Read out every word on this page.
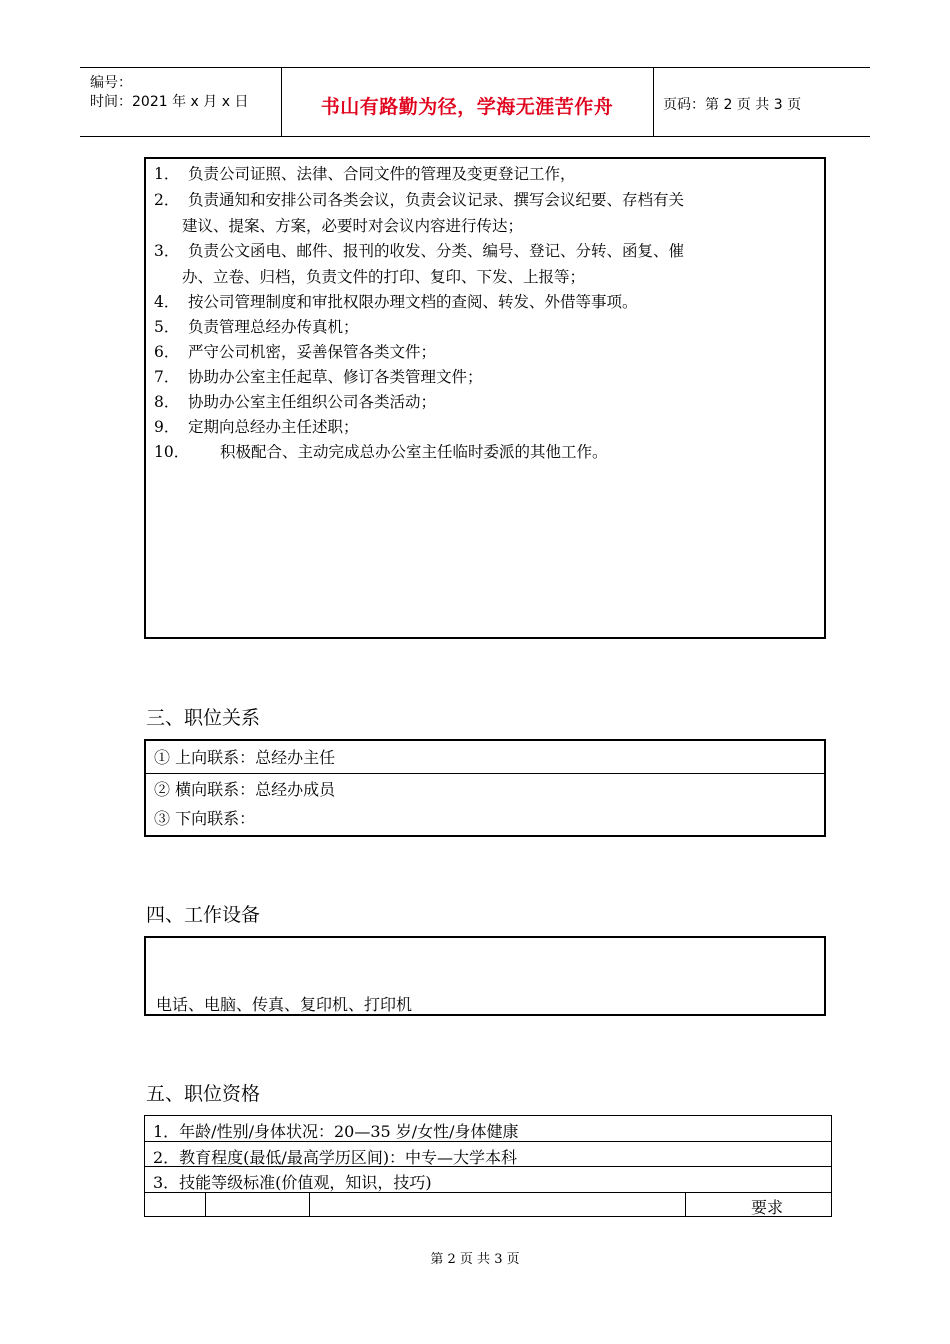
编号：
时间：2021 年 x 月 x 日	书山有路勤为径，学海无涯苦作舟	页码：第 2 页 共 3 页
1． 负责公司证照、法律、合同文件的管理及变更登记工作，
2． 负责通知和安排公司各类会议，负责会议记录、撰写会议纪要、存档有关
建议、提案、方案，必要时对会议内容进行传达；
3． 负责公文函电、邮件、报刊的收发、分类、编号、登记、分转、函复、催
办、立卷、归档，负责文件的打印、复印、下发、上报等；
4． 按公司管理制度和审批权限办理文档的查阅、转发、外借等事项。
5． 负责管理总经办传真机；
6． 严守公司机密，妥善保管各类文件；
7． 协助办公室主任起草、修订各类管理文件；
8． 协助办公室主任组织公司各类活动；
9． 定期向总经办主任述职；
10． 积极配合、主动完成总办公室主任临时委派的其他工作。
三、职位关系
① 上向联系：总经办主任
② 横向联系：总经办成员
③ 下向联系：
四、工作设备
电话、电脑、传真、复印机、打印机
五、职位资格
1．年龄/性别/身体状况：20—35 岁/女性/身体健康
2．教育程度(最低/最高学历区间)：中专—大学本科
3．技能等级标准(价值观，知识，技巧)
要求
第 2 页 共 3 页
